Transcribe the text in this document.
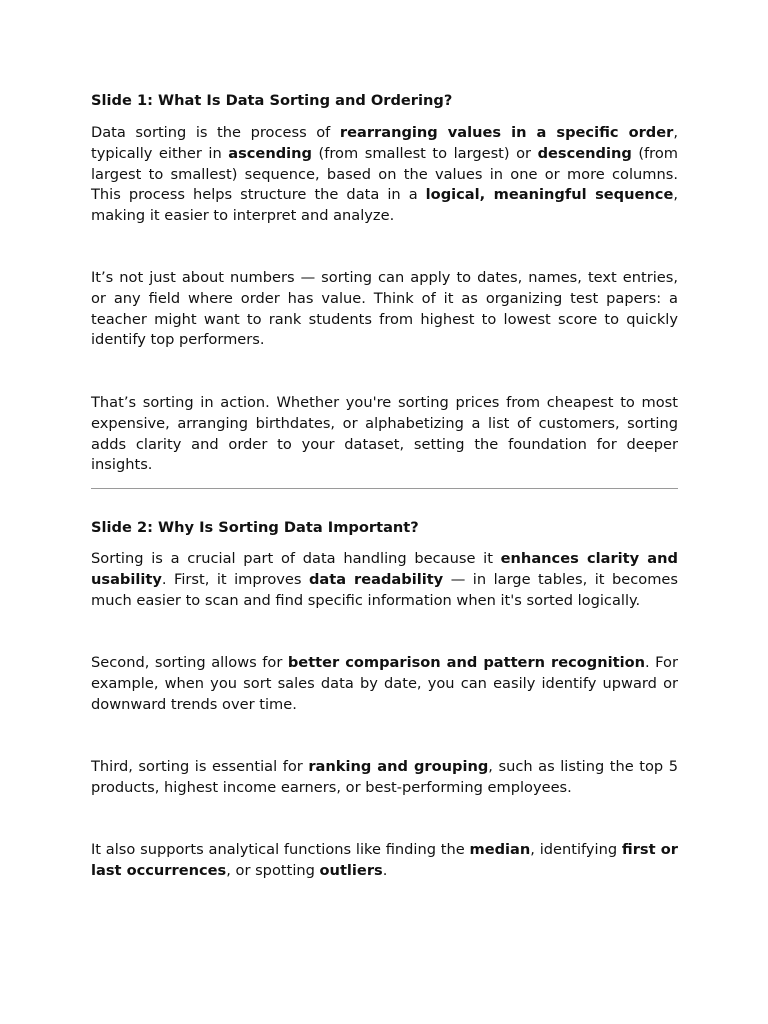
Slide 1: What Is Data Sorting and Ordering?

Data sorting is the process of rearranging values in a specific order, typically either in ascending (from smallest to largest) or descending (from largest to smallest) sequence, based on the values in one or more columns. This process helps structure the data in a logical, meaningful sequence, making it easier to interpret and analyze.

It’s not just about numbers — sorting can apply to dates, names, text entries, or any field where order has value. Think of it as organizing test papers: a teacher might want to rank students from highest to lowest score to quickly identify top performers.

That’s sorting in action. Whether you're sorting prices from cheapest to most expensive, arranging birthdates, or alphabetizing a list of customers, sorting adds clarity and order to your dataset, setting the foundation for deeper insights.

Slide 2: Why Is Sorting Data Important?

Sorting is a crucial part of data handling because it enhances clarity and usability. First, it improves data readability — in large tables, it becomes much easier to scan and find specific information when it's sorted logically.

Second, sorting allows for better comparison and pattern recognition. For example, when you sort sales data by date, you can easily identify upward or downward trends over time.

Third, sorting is essential for ranking and grouping, such as listing the top 5 products, highest income earners, or best-performing employees.

It also supports analytical functions like finding the median, identifying first or last occurrences, or spotting outliers.
